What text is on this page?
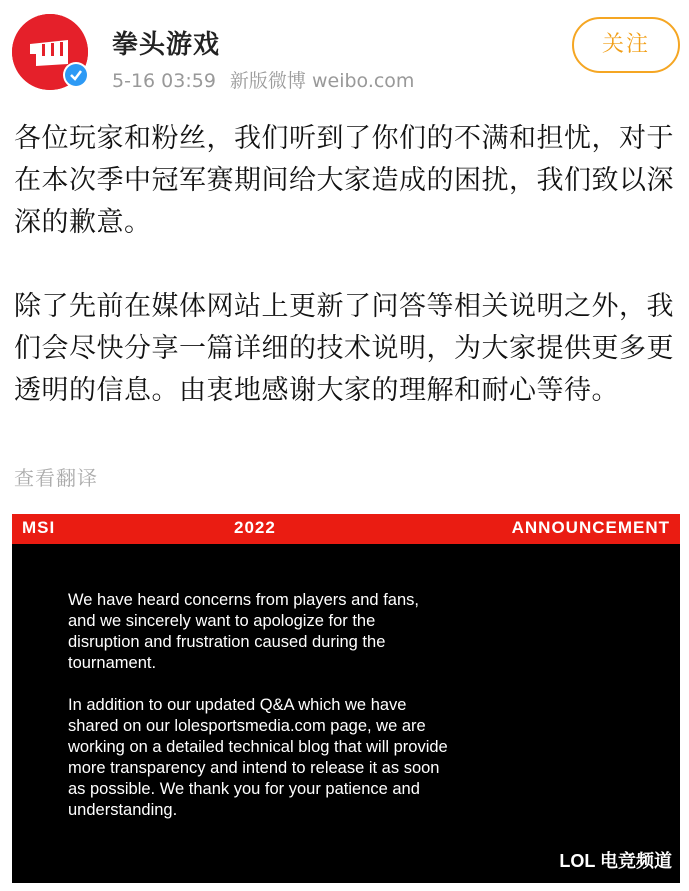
拳头游戏
5-16 03:59 新版微博 weibo.com
关注

各位玩家和粉丝，我们听到了你们的不满和担忧，对于在本次季中冠军赛期间给大家造成的困扰，我们致以深深的歉意。

除了先前在媒体网站上更新了问答等相关说明之外，我们会尽快分享一篇详细的技术说明，为大家提供更多更透明的信息。由衷地感谢大家的理解和耐心等待。

查看翻译
MSI	2022	ANNOUNCEMENT

We have heard concerns from players and fans, and we sincerely want to apologize for the disruption and frustration caused during the tournament.

In addition to our updated Q&A which we have shared on our lolesportsmedia.com page, we are working on a detailed technical blog that will provide more transparency and intend to release it as soon as possible. We thank you for your patience and understanding.

LOL 电竞频道
